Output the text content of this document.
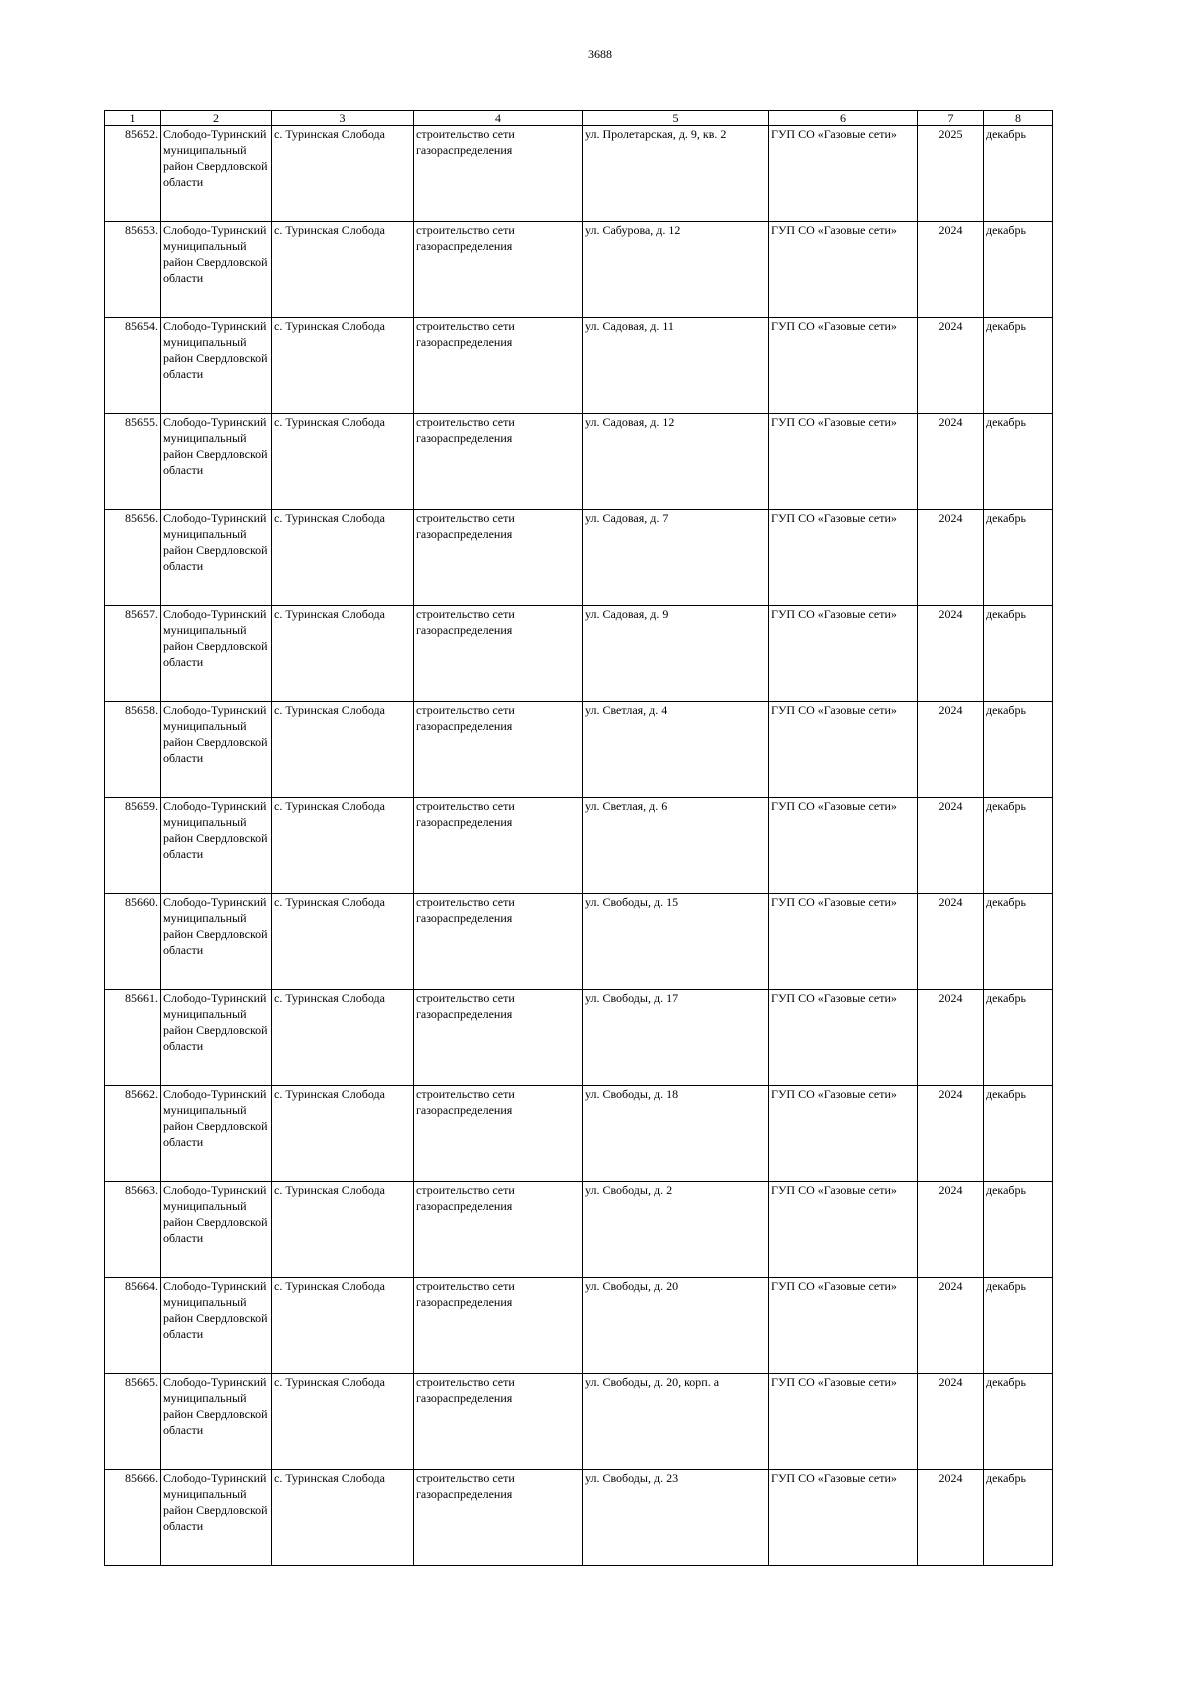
3688
1	2	3	4	5	6	7	8
85652.	Слободо-Туринский муниципальный район Свердловской области	с. Туринская Слобода	строительство сети газораспределения	ул. Пролетарская, д. 9, кв. 2	ГУП СО «Газовые сети»	2025	декабрь
85653.	Слободо-Туринский муниципальный район Свердловской области	с. Туринская Слобода	строительство сети газораспределения	ул. Сабурова, д. 12	ГУП СО «Газовые сети»	2024	декабрь
85654.	Слободо-Туринский муниципальный район Свердловской области	с. Туринская Слобода	строительство сети газораспределения	ул. Садовая, д. 11	ГУП СО «Газовые сети»	2024	декабрь
85655.	Слободо-Туринский муниципальный район Свердловской области	с. Туринская Слобода	строительство сети газораспределения	ул. Садовая, д. 12	ГУП СО «Газовые сети»	2024	декабрь
85656.	Слободо-Туринский муниципальный район Свердловской области	с. Туринская Слобода	строительство сети газораспределения	ул. Садовая, д. 7	ГУП СО «Газовые сети»	2024	декабрь
85657.	Слободо-Туринский муниципальный район Свердловской области	с. Туринская Слобода	строительство сети газораспределения	ул. Садовая, д. 9	ГУП СО «Газовые сети»	2024	декабрь
85658.	Слободо-Туринский муниципальный район Свердловской области	с. Туринская Слобода	строительство сети газораспределения	ул. Светлая, д. 4	ГУП СО «Газовые сети»	2024	декабрь
85659.	Слободо-Туринский муниципальный район Свердловской области	с. Туринская Слобода	строительство сети газораспределения	ул. Светлая, д. 6	ГУП СО «Газовые сети»	2024	декабрь
85660.	Слободо-Туринский муниципальный район Свердловской области	с. Туринская Слобода	строительство сети газораспределения	ул. Свободы, д. 15	ГУП СО «Газовые сети»	2024	декабрь
85661.	Слободо-Туринский муниципальный район Свердловской области	с. Туринская Слобода	строительство сети газораспределения	ул. Свободы, д. 17	ГУП СО «Газовые сети»	2024	декабрь
85662.	Слободо-Туринский муниципальный район Свердловской области	с. Туринская Слобода	строительство сети газораспределения	ул. Свободы, д. 18	ГУП СО «Газовые сети»	2024	декабрь
85663.	Слободо-Туринский муниципальный район Свердловской области	с. Туринская Слобода	строительство сети газораспределения	ул. Свободы, д. 2	ГУП СО «Газовые сети»	2024	декабрь
85664.	Слободо-Туринский муниципальный район Свердловской области	с. Туринская Слобода	строительство сети газораспределения	ул. Свободы, д. 20	ГУП СО «Газовые сети»	2024	декабрь
85665.	Слободо-Туринский муниципальный район Свердловской области	с. Туринская Слобода	строительство сети газораспределения	ул. Свободы, д. 20, корп. а	ГУП СО «Газовые сети»	2024	декабрь
85666.	Слободо-Туринский муниципальный район Свердловской области	с. Туринская Слобода	строительство сети газораспределения	ул. Свободы, д. 23	ГУП СО «Газовые сети»	2024	декабрь
